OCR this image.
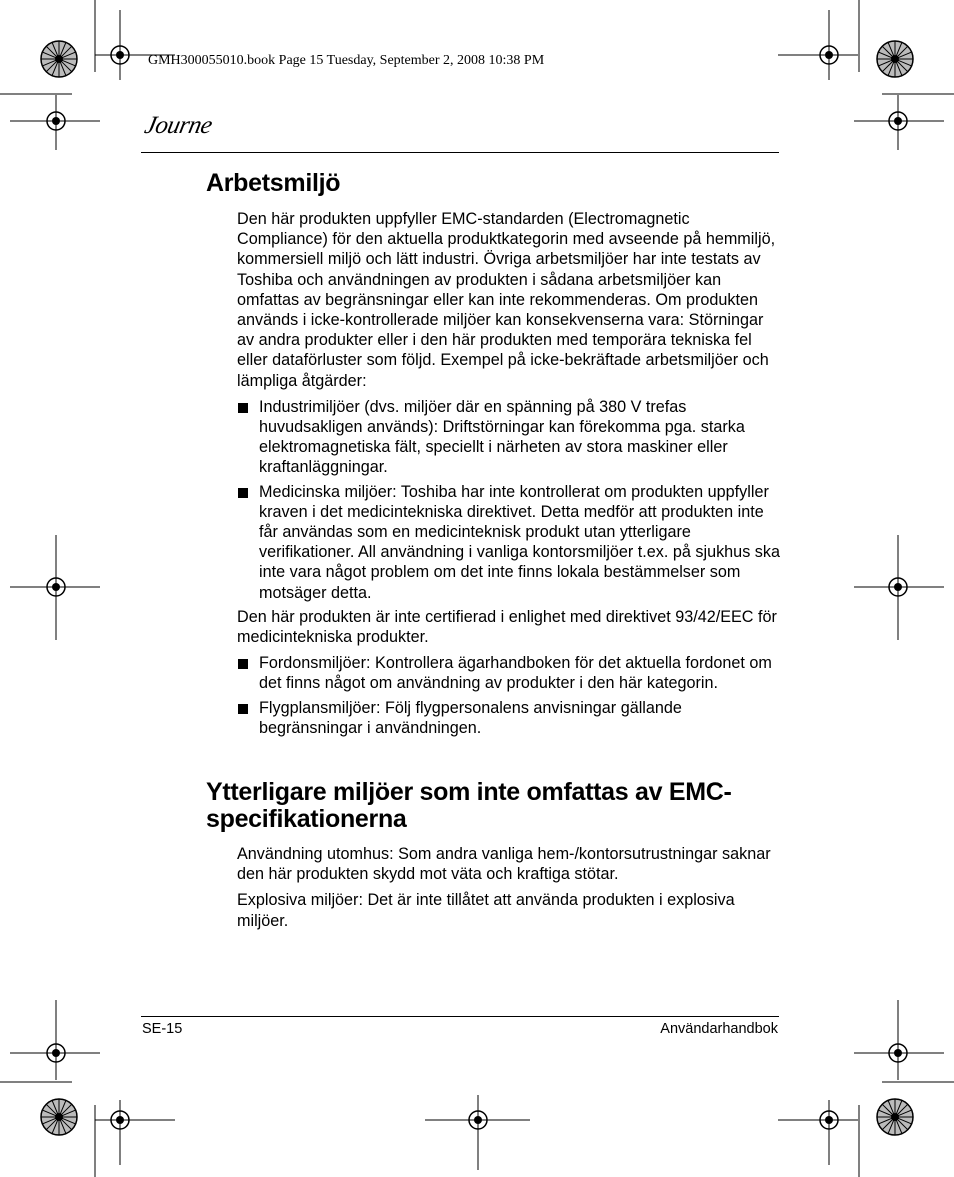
GMH300055010.book Page 15 Tuesday, September 2, 2008 10:38 PM
Journe
Arbetsmiljö

Den här produkten uppfyller EMC-standarden (Electromagnetic Compliance) för den aktuella produktkategorin med avseende på hemmiljö, kommersiell miljö och lätt industri. Övriga arbetsmiljöer har inte testats av Toshiba och användningen av produkten i sådana arbetsmiljöer kan omfattas av begränsningar eller kan inte rekommenderas. Om produkten används i icke-kontrollerade miljöer kan konsekvenserna vara: Störningar av andra produkter eller i den här produkten med temporära tekniska fel eller dataförluster som följd. Exempel på icke-bekräftade arbetsmiljöer och lämpliga åtgärder:

Industrimiljöer (dvs. miljöer där en spänning på 380 V trefas huvudsakligen används): Driftstörningar kan förekomma pga. starka elektromagnetiska fält, speciellt i närheten av stora maskiner eller kraftanläggningar.
Medicinska miljöer: Toshiba har inte kontrollerat om produkten uppfyller kraven i det medicintekniska direktivet. Detta medför att produkten inte får användas som en medicinteknisk produkt utan ytterligare verifikationer. All användning i vanliga kontorsmiljöer t.ex. på sjukhus ska inte vara något problem om det inte finns lokala bestämmelser som motsäger detta.

Den här produkten är inte certifierad i enlighet med direktivet 93/42/EEC för medicintekniska produkter.

Fordonsmiljöer: Kontrollera ägarhandboken för det aktuella fordonet om det finns något om användning av produkter i den här kategorin.
Flygplansmiljöer: Följ flygpersonalens anvisningar gällande begränsningar i användningen.
Ytterligare miljöer som inte omfattas av EMC-specifikationerna

Användning utomhus: Som andra vanliga hem-/kontorsutrustningar saknar den här produkten skydd mot väta och kraftiga stötar.

Explosiva miljöer: Det är inte tillåtet att använda produkten i explosiva miljöer.

SE-15	Användarhandbok
